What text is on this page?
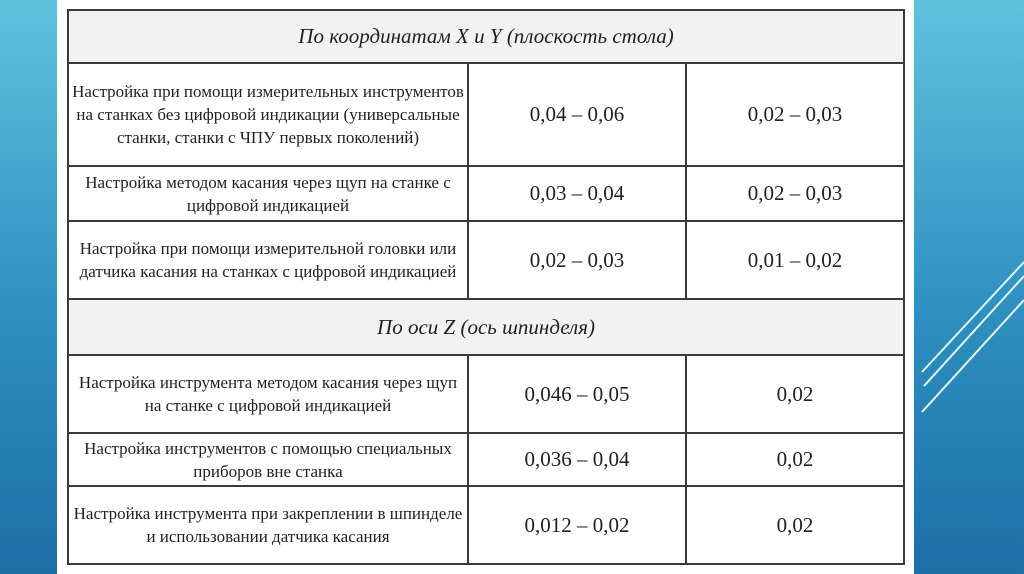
По координатам X и Y (плоскость стола)		
Настройка при помощи измерительных инструментов на станках без цифровой индикации (универсальные станки, станки с ЧПУ первых поколений)	0,04 – 0,06	0,02 – 0,03
Настройка методом касания через щуп на станке с цифровой индикацией	0,03 – 0,04	0,02 – 0,03
Настройка при помощи измерительной головки или датчика касания на станках с цифровой индикацией	0,02 – 0,03	0,01 – 0,02
По оси Z (ось шпинделя)		
Настройка инструмента методом касания через щуп на станке с цифровой индикацией	0,046 – 0,05	0,02
Настройка инструментов с помощью специальных приборов вне станка	0,036 – 0,04	0,02
Настройка инструмента при закреплении в шпинделе и использовании датчика касания	0,012 – 0,02	0,02
